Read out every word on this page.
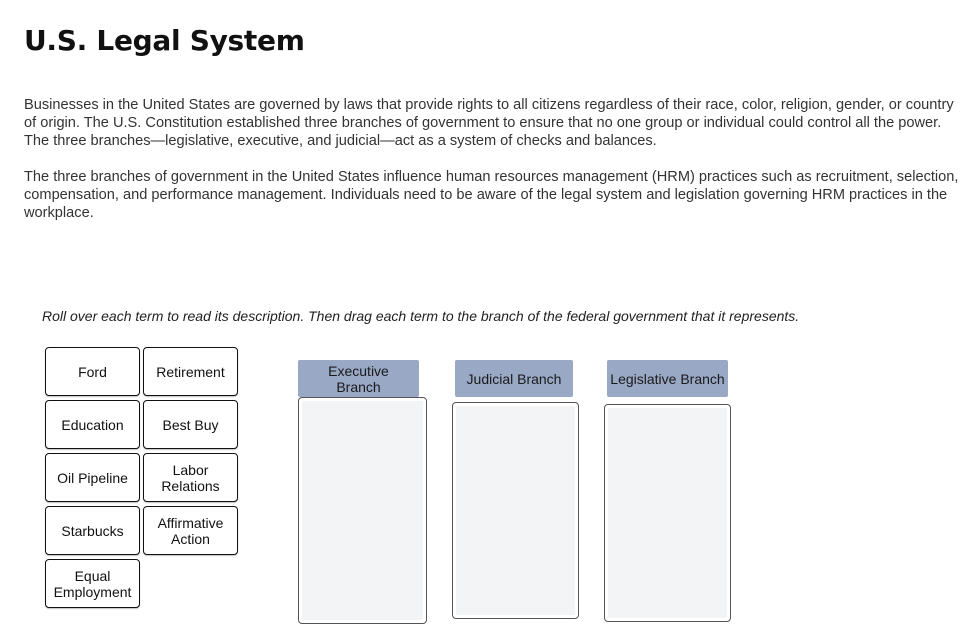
U.S. Legal System

Businesses in the United States are governed by laws that provide rights to all citizens regardless of their race, color, religion, gender, or country of origin. The U.S. Constitution established three branches of government to ensure that no one group or individual could control all the power. The three branches—legislative, executive, and judicial—act as a system of checks and balances.

The three branches of government in the United States influence human resources management (HRM) practices such as recruitment, selection, compensation, and performance management. Individuals need to be aware of the legal system and legislation governing HRM practices in the workplace.

Roll over each term to read its description. Then drag each term to the branch of the federal government that it represents.

Ford	Retirement
Education	Best Buy
Oil Pipeline	Labor Relations
Starbucks	Affirmative Action
Equal Employment
Executive Branch	Judicial Branch	Legislative Branch
